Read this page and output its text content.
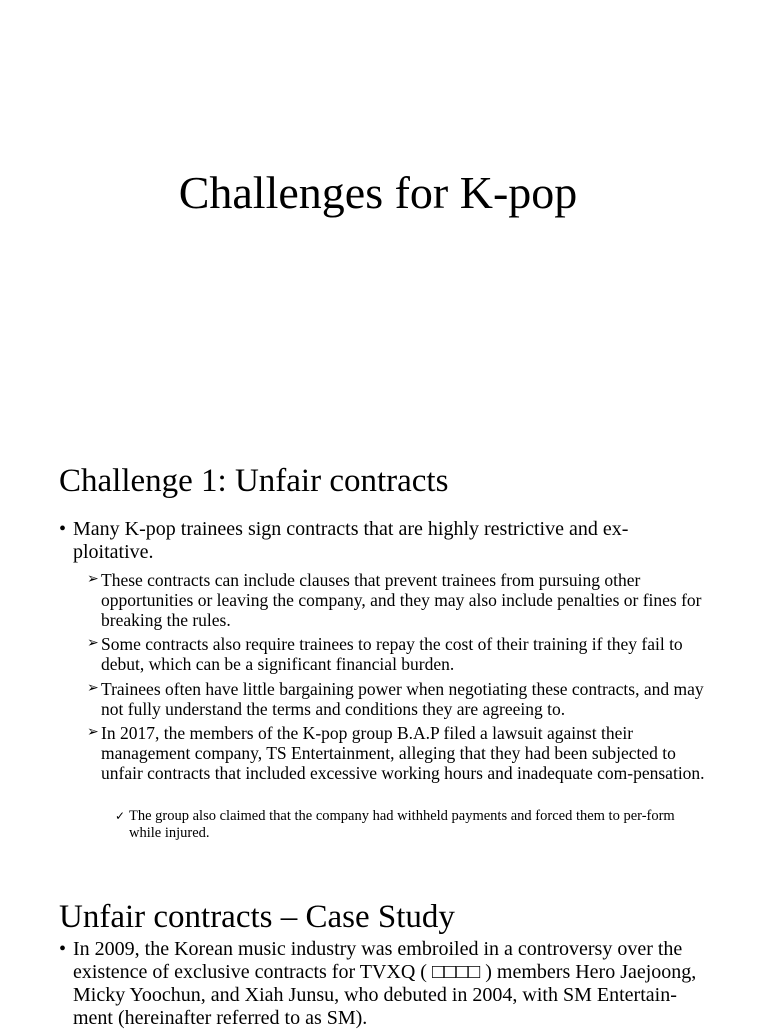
Challenges for K-pop
Challenge 1: Unfair contracts
• Many K-pop trainees sign contracts that are highly restrictive and ex-ploitative.
➢ These contracts can include clauses that prevent trainees from pursuing other opportunities or leaving the company, and they may also include penalties or fines for breaking the rules.
➢ Some contracts also require trainees to repay the cost of their training if they fail to debut, which can be a significant financial burden.
➢ Trainees often have little bargaining power when negotiating these contracts, and may not fully understand the terms and conditions they are agreeing to.
➢ In 2017, the members of the K-pop group B.A.P filed a lawsuit against their management company, TS Entertainment, alleging that they had been subjected to unfair contracts that included excessive working hours and inadequate com-pensation.
✓ The group also claimed that the company had withheld payments and forced them to per-form while injured.
Unfair contracts – Case Study
• In 2009, the Korean music industry was embroiled in a controversy over the existence of exclusive contracts for TVXQ ( □□□□ ) members Hero Jaejoong, Micky Yoochun, and Xiah Junsu, who debuted in 2004, with SM Entertain-ment (hereinafter referred to as SM).
